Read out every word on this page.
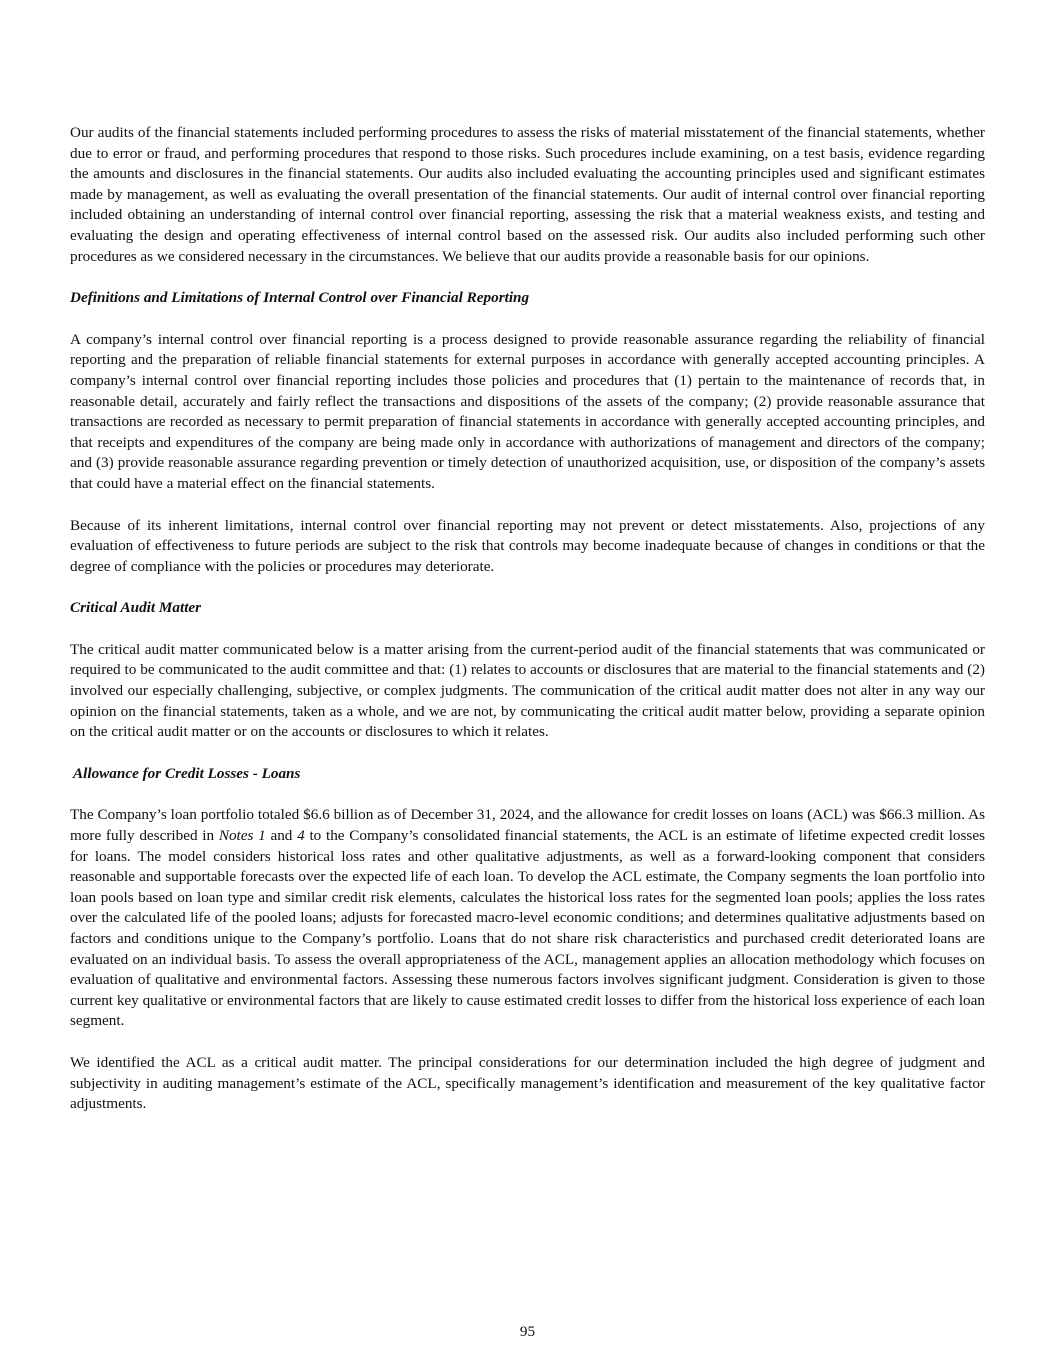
Our audits of the financial statements included performing procedures to assess the risks of material misstatement of the financial statements, whether due to error or fraud, and performing procedures that respond to those risks. Such procedures include examining, on a test basis, evidence regarding the amounts and disclosures in the financial statements. Our audits also included evaluating the accounting principles used and significant estimates made by management, as well as evaluating the overall presentation of the financial statements. Our audit of internal control over financial reporting included obtaining an understanding of internal control over financial reporting, assessing the risk that a material weakness exists, and testing and evaluating the design and operating effectiveness of internal control based on the assessed risk. Our audits also included performing such other procedures as we considered necessary in the circumstances. We believe that our audits provide a reasonable basis for our opinions.

Definitions and Limitations of Internal Control over Financial Reporting

A company’s internal control over financial reporting is a process designed to provide reasonable assurance regarding the reliability of financial reporting and the preparation of reliable financial statements for external purposes in accordance with generally accepted accounting principles. A company’s internal control over financial reporting includes those policies and procedures that (1) pertain to the maintenance of records that, in reasonable detail, accurately and fairly reflect the transactions and dispositions of the assets of the company; (2) provide reasonable assurance that transactions are recorded as necessary to permit preparation of financial statements in accordance with generally accepted accounting principles, and that receipts and expenditures of the company are being made only in accordance with authorizations of management and directors of the company; and (3) provide reasonable assurance regarding prevention or timely detection of unauthorized acquisition, use, or disposition of the company’s assets that could have a material effect on the financial statements.

Because of its inherent limitations, internal control over financial reporting may not prevent or detect misstatements. Also, projections of any evaluation of effectiveness to future periods are subject to the risk that controls may become inadequate because of changes in conditions or that the degree of compliance with the policies or procedures may deteriorate.

Critical Audit Matter

The critical audit matter communicated below is a matter arising from the current-period audit of the financial statements that was communicated or required to be communicated to the audit committee and that: (1) relates to accounts or disclosures that are material to the financial statements and (2) involved our especially challenging, subjective, or complex judgments. The communication of the critical audit matter does not alter in any way our opinion on the financial statements, taken as a whole, and we are not, by communicating the critical audit matter below, providing a separate opinion on the critical audit matter or on the accounts or disclosures to which it relates.

Allowance for Credit Losses - Loans

The Company’s loan portfolio totaled $6.6 billion as of December 31, 2024, and the allowance for credit losses on loans (ACL) was $66.3 million. As more fully described in Notes 1 and 4 to the Company’s consolidated financial statements, the ACL is an estimate of lifetime expected credit losses for loans. The model considers historical loss rates and other qualitative adjustments, as well as a forward-looking component that considers reasonable and supportable forecasts over the expected life of each loan. To develop the ACL estimate, the Company segments the loan portfolio into loan pools based on loan type and similar credit risk elements, calculates the historical loss rates for the segmented loan pools; applies the loss rates over the calculated life of the pooled loans; adjusts for forecasted macro-level economic conditions; and determines qualitative adjustments based on factors and conditions unique to the Company’s portfolio. Loans that do not share risk characteristics and purchased credit deteriorated loans are evaluated on an individual basis. To assess the overall appropriateness of the ACL, management applies an allocation methodology which focuses on evaluation of qualitative and environmental factors. Assessing these numerous factors involves significant judgment. Consideration is given to those current key qualitative or environmental factors that are likely to cause estimated credit losses to differ from the historical loss experience of each loan segment.

We identified the ACL as a critical audit matter. The principal considerations for our determination included the high degree of judgment and subjectivity in auditing management’s estimate of the ACL, specifically management’s identification and measurement of the key qualitative factor adjustments.

95
